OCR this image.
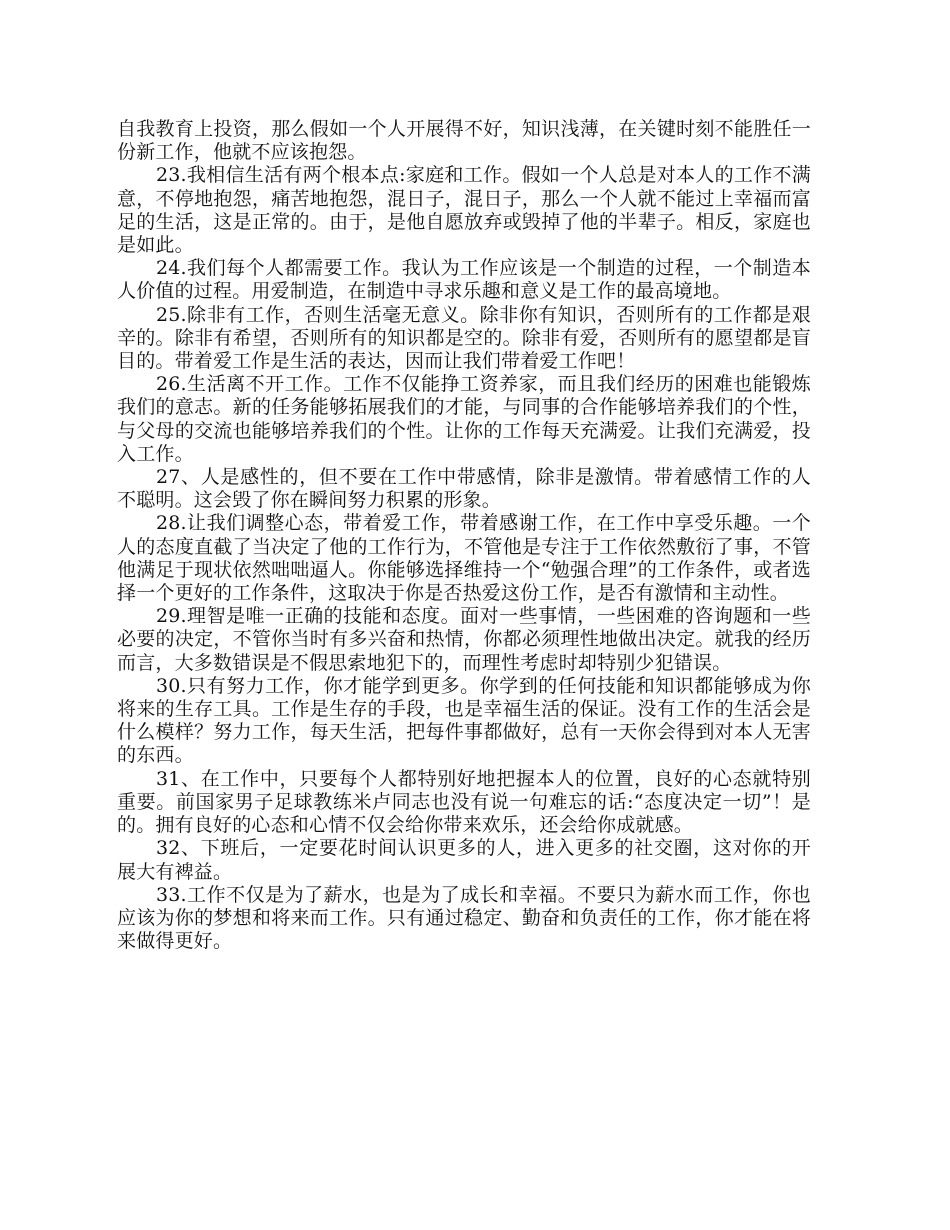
自我教育上投资，那么假如一个人开展得不好，知识浅薄，在关键时刻不能胜任一份新工作，他就不应该抱怨。

23.我相信生活有两个根本点:家庭和工作。假如一个人总是对本人的工作不满意，不停地抱怨，痛苦地抱怨，混日子，混日子，那么一个人就不能过上幸福而富足的生活，这是正常的。由于，是他自愿放弃或毁掉了他的半辈子。相反，家庭也是如此。

24.我们每个人都需要工作。我认为工作应该是一个制造的过程，一个制造本人价值的过程。用爱制造，在制造中寻求乐趣和意义是工作的最高境地。

25.除非有工作，否则生活毫无意义。除非你有知识，否则所有的工作都是艰辛的。除非有希望，否则所有的知识都是空的。除非有爱，否则所有的愿望都是盲目的。带着爱工作是生活的表达，因而让我们带着爱工作吧！

26.生活离不开工作。工作不仅能挣工资养家，而且我们经历的困难也能锻炼我们的意志。新的任务能够拓展我们的才能，与同事的合作能够培养我们的个性，与父母的交流也能够培养我们的个性。让你的工作每天充满爱。让我们充满爱，投入工作。

27、人是感性的，但不要在工作中带感情，除非是激情。带着感情工作的人不聪明。这会毁了你在瞬间努力积累的形象。

28.让我们调整心态，带着爱工作，带着感谢工作，在工作中享受乐趣。一个人的态度直截了当决定了他的工作行为，不管他是专注于工作依然敷衍了事，不管他满足于现状依然咄咄逼人。你能够选择维持一个“勉强合理”的工作条件，或者选择一个更好的工作条件，这取决于你是否热爱这份工作，是否有激情和主动性。

29.理智是唯一正确的技能和态度。面对一些事情，一些困难的咨询题和一些必要的决定，不管你当时有多兴奋和热情，你都必须理性地做出决定。就我的经历而言，大多数错误是不假思索地犯下的，而理性考虑时却特别少犯错误。

30.只有努力工作，你才能学到更多。你学到的任何技能和知识都能够成为你将来的生存工具。工作是生存的手段，也是幸福生活的保证。没有工作的生活会是什么模样？努力工作，每天生活，把每件事都做好，总有一天你会得到对本人无害的东西。

31、在工作中，只要每个人都特别好地把握本人的位置，良好的心态就特别重要。前国家男子足球教练米卢同志也没有说一句难忘的话:“态度决定一切”！是的。拥有良好的心态和心情不仅会给你带来欢乐，还会给你成就感。

32、下班后，一定要花时间认识更多的人，进入更多的社交圈，这对你的开展大有裨益。

33.工作不仅是为了薪水，也是为了成长和幸福。不要只为薪水而工作，你也应该为你的梦想和将来而工作。只有通过稳定、勤奋和负责任的工作，你才能在将来做得更好。
